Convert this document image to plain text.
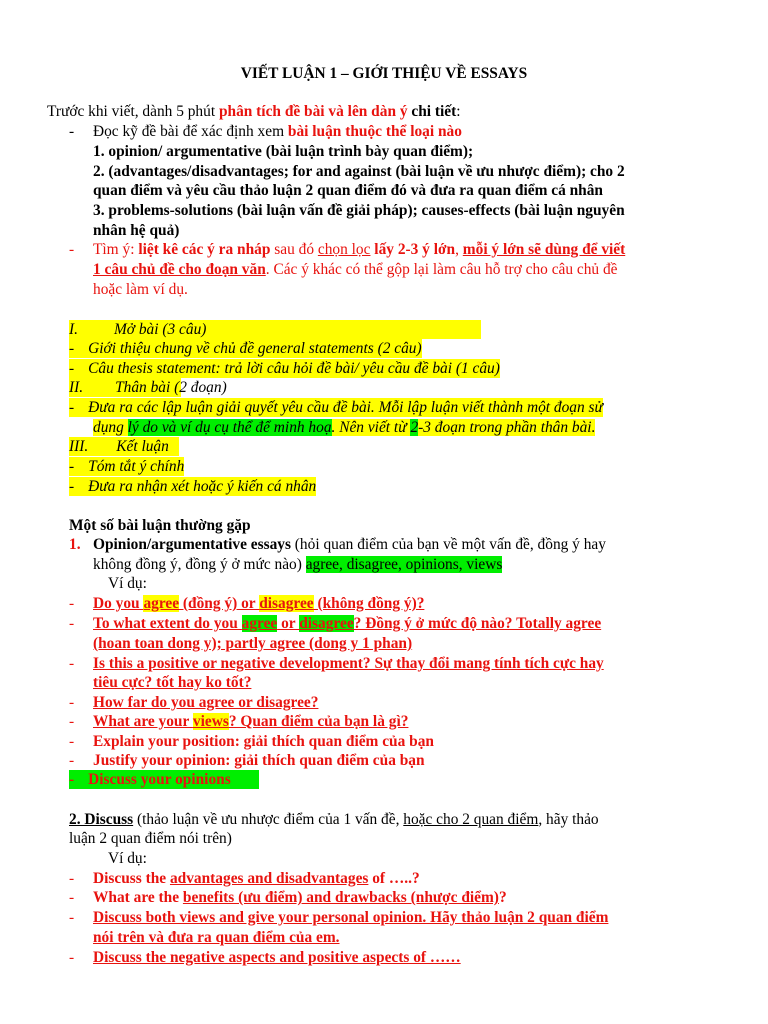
VIẾT LUẬN 1 – GIỚI THIỆU VỀ ESSAYS
Trước khi viết, dành 5 phút phân tích đề bài và lên dàn ý chi tiết:
- Đọc kỹ đề bài để xác định xem bài luận thuộc thể loại nào
1. opinion/ argumentative (bài luận trình bày quan điểm);
2. (advantages/disadvantages; for and against (bài luận về ưu nhược điểm); cho 2
quan điểm và yêu cầu thảo luận 2 quan điểm đó và đưa ra quan điểm cá nhân
3. problems-solutions (bài luận vấn đề giải pháp); causes-effects (bài luận nguyên
nhân hệ quả)
- Tìm ý: liệt kê các ý ra nháp sau đó chọn lọc lấy 2-3 ý lớn, mỗi ý lớn sẽ dùng để viết
1 câu chủ đề cho đoạn văn. Các ý khác có thể gộp lại làm câu hỗ trợ cho câu chủ đề
hoặc làm ví dụ.
I. Mở bài (3 câu)
- Giới thiệu chung về chủ đề general statements (2 câu)
- Câu thesis statement: trả lời câu hỏi đề bài/ yêu cầu đề bài (1 câu)
II. Thân bài (2 đoạn)
- Đưa ra các lập luận giải quyết yêu cầu đề bài. Mỗi lập luận viết thành một đoạn sử
dụng lý do và ví dụ cụ thể để minh hoạ. Nên viết từ 2-3 đoạn trong phần thân bài.
III. Kết luận
- Tóm tắt ý chính
- Đưa ra nhận xét hoặc ý kiến cá nhân
Một số bài luận thường gặp
1. Opinion/argumentative essays (hỏi quan điểm của bạn về một vấn đề, đồng ý hay
không đồng ý, đồng ý ở mức nào) agree, disagree, opinions, views
Ví dụ:
- Do you agree (đồng ý) or disagree (không đồng ý)?
- To what extent do you agree or disagree? Đồng ý ở mức độ nào? Totally agree
(hoan toan dong y); partly agree (dong y 1 phan)
- Is this a positive or negative development? Sự thay đổi mang tính tích cực hay
tiêu cực? tốt hay ko tốt?
- How far do you agree or disagree?
- What are your views? Quan điểm của bạn là gì?
- Explain your position: giải thích quan điểm của bạn
- Justify your opinion: giải thích quan điểm của bạn
- Discuss your opinions
2. Discuss (thảo luận về ưu nhược điểm của 1 vấn đề, hoặc cho 2 quan điểm, hãy thảo
luận 2 quan điểm nói trên)
Ví dụ:
- Discuss the advantages and disadvantages of …..?
- What are the benefits (ưu điểm) and drawbacks (nhược điểm)?
- Discuss both views and give your personal opinion. Hãy thảo luận 2 quan điểm
nói trên và đưa ra quan điểm của em.
- Discuss the negative aspects and positive aspects of ……
